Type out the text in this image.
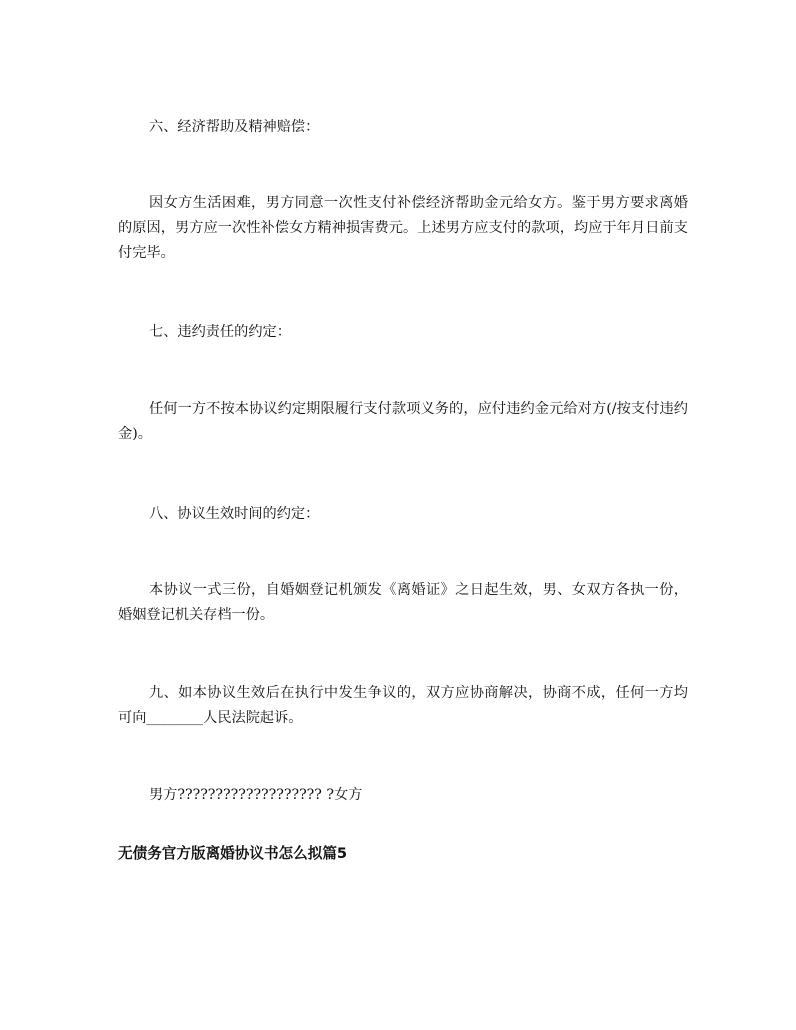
六、经济帮助及精神赔偿：

因女方生活困难，男方同意一次性支付补偿经济帮助金元给女方。鉴于男方要求离婚的原因，男方应一次性补偿女方精神损害费元。上述男方应支付的款项，均应于年月日前支付完毕。

七、违约责任的约定：

任何一方不按本协议约定期限履行支付款项义务的，应付违约金元给对方(/按支付违约金)。

八、协议生效时间的约定：

本协议一式三份，自婚姻登记机颁发《离婚证》之日起生效，男、女双方各执一份，婚姻登记机关存档一份。

九、如本协议生效后在执行中发生争议的，双方应协商解决，协商不成，任何一方均可向________人民法院起诉。

男方??????????????????? ?女方

无债务官方版离婚协议书怎么拟篇5
